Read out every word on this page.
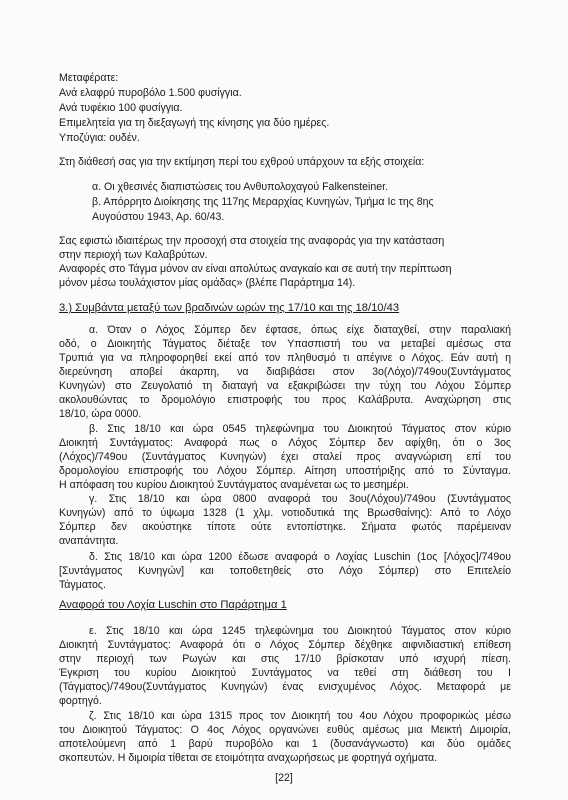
Μεταφέρατε:
Ανά ελαφρύ πυροβόλο 1.500 φυσίγγια.
Ανά τυφέκιο 100 φυσίγγια.
Επιμελητεία για τη διεξαγωγή της κίνησης για δύο ημέρες.
Υποζύγια: ουδέν.
Στη διάθεσή σας για την εκτίμηση περί του εχθρού υπάρχουν τα εξής στοιχεία:
α. Οι χθεσινές διαπιστώσεις του Ανθυπολοχαγού Falkensteiner.
β. Απόρρητο Διοίκησης της 117ης Μεραρχίας Κυνηγών, Τμήμα Ic της 8ης
Αυγούστου 1943, Αρ. 60/43.
Σας εφιστώ ιδιαιτέρως την προσοχή στα στοιχεία της αναφοράς για την κατάσταση
στην περιοχή των Καλαβρύτων.
Αναφορές στο Τάγμα μόνον αν είναι απολύτως αναγκαίο και σε αυτή την περίπτωση
μόνον μέσω τουλάχιστον μίας ομάδας» (βλέπε Παράρτημα 14).
3.) Συμβάντα μεταξύ των βραδινών ωρών της 17/10 και της 18/10/43
α. Όταν ο Λόχος Σόμπερ δεν έφτασε, όπως είχε διαταχθεί, στην παραλιακή
οδό, ο Διοικητής Τάγματος διέταξε τον Υπασπιστή του να μεταβεί αμέσως στα
Τρυπιά για να πληροφορηθεί εκεί από τον πληθυσμό τι απέγινε ο Λόχος. Εάν αυτή η
διερεύνηση αποβεί άκαρπη, να διαβιβάσει στον 3ο(Λόχο)/749ου(Συντάγματος
Κυνηγών) στο Ζευγολατιό τη διαταγή να εξακριβώσει την τύχη του Λόχου Σόμπερ
ακολουθώντας το δρομολόγιο επιστροφής του προς Καλάβρυτα. Αναχώρηση στις
18/10, ώρα 0000.
β. Στις 18/10 και ώρα 0545 τηλεφώνημα του Διοικητού Τάγματος στον κύριο
Διοικητή Συντάγματος: Αναφορά πως ο Λόχος Σόμπερ δεν αφίχθη, ότι ο 3ος
(Λόχος)/749ου (Συντάγματος Κυνηγών) έχει σταλεί προς αναγνώριση επί του
δρομολογίου επιστροφής του Λόχου Σόμπερ. Αίτηση υποστήριξης από το Σύνταγμα.
Η απόφαση του κυρίου Διοικητού Συντάγματος αναμένεται ως το μεσημέρι.
γ. Στις 18/10 και ώρα 0800 αναφορά του 3ου(Λόχου)/749ου (Συντάγματος
Κυνηγών) από το ύψωμα 1328 (1 χλμ. νοτιοδυτικά της Βρωσθαίνης): Από το Λόχο
Σόμπερ δεν ακούστηκε τίποτε ούτε εντοπίστηκε. Σήματα φωτός παρέμειναν
αναπάντητα.
δ. Στις 18/10 και ώρα 1200 έδωσε αναφορά ο Λοχίας Luschin (1ος [Λόχος]/749ου
[Συντάγματος Κυνηγών] και τοποθετηθείς στο Λόχο Σόμπερ) στο Επιτελείο
Τάγματος.
Αναφορά του Λοχία Luschin στο Παράρτημα 1
ε. Στις 18/10 και ώρα 1245 τηλεφώνημα του Διοικητού Τάγματος στον κύριο
Διοικητή Συντάγματος: Αναφορά ότι ο Λόχος Σόμπερ δέχθηκε αιφνιδιαστική επίθεση
στην περιοχή των Ρωγών και στις 17/10 βρίσκοταν υπό ισχυρή πίεση.
Έγκριση του κυρίου Διοικητού Συντάγματος να τεθεί στη διάθεση του Ι
(Τάγματος)/749ου(Συντάγματος Κυνηγών) ένας ενισχυμένος Λόχος. Μεταφορά με
φορτηγό.
ζ. Στις 18/10 και ώρα 1315 προς τον Διοικητή του 4ου Λόχου προφορικώς μέσω
του Διοικητού Τάγματος: Ο 4ος Λόχος οργανώνει ευθύς αμέσως μια Μεικτή Διμοιρία,
αποτελούμενη από 1 βαρύ πυροβόλο και 1 (δυσανάγνωστο) και δύο ομάδες
σκοπευτών. Η διμοιρία τίθεται σε ετοιμότητα αναχωρήσεως με φορτηγά οχήματα.
[22]
